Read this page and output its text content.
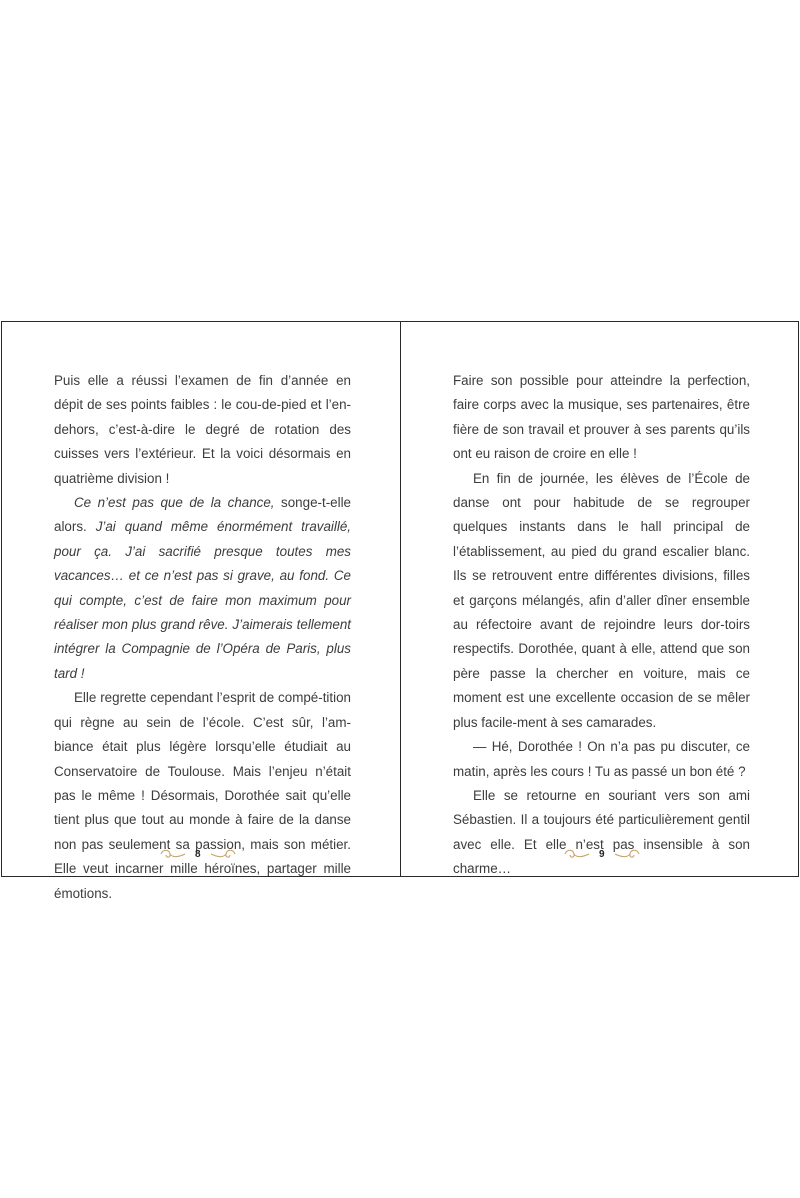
Puis elle a réussi l’examen de fin d’année en dépit de ses points faibles : le cou-de-pied et l’en-dehors, c’est-à-dire le degré de rotation des cuisses vers l’extérieur. Et la voici désormais en quatrième division !

Ce n’est pas que de la chance, songe-t-elle alors. J’ai quand même énormément travaillé, pour ça. J’ai sacrifié presque toutes mes vacances… et ce n’est pas si grave, au fond. Ce qui compte, c’est de faire mon maximum pour réaliser mon plus grand rêve. J’aimerais tellement intégrer la Compagnie de l’Opéra de Paris, plus tard !

Elle regrette cependant l’esprit de compé-tition qui règne au sein de l’école. C’est sûr, l’am-biance était plus légère lorsqu’elle étudiait au Conservatoire de Toulouse. Mais l’enjeu n’était pas le même ! Désormais, Dorothée sait qu’elle tient plus que tout au monde à faire de la danse non pas seulement sa passion, mais son métier. Elle veut incarner mille héroïnes, partager mille émotions.

Faire son possible pour atteindre la perfection, faire corps avec la musique, ses partenaires, être fière de son travail et prouver à ses parents qu’ils ont eu raison de croire en elle !

En fin de journée, les élèves de l’École de danse ont pour habitude de se regrouper quelques instants dans le hall principal de l’établissement, au pied du grand escalier blanc. Ils se retrouvent entre différentes divisions, filles et garçons mélangés, afin d’aller dîner ensemble au réfectoire avant de rejoindre leurs dor-toirs respectifs. Dorothée, quant à elle, attend que son père passe la chercher en voiture, mais ce moment est une excellente occasion de se mêler plus facile-ment à ses camarades.

— Hé, Dorothée ! On n’a pas pu discuter, ce matin, après les cours ! Tu as passé un bon été ?

Elle se retourne en souriant vers son ami Sébastien. Il a toujours été particulièrement gentil avec elle. Et elle n’est pas insensible à son charme…

8	9
